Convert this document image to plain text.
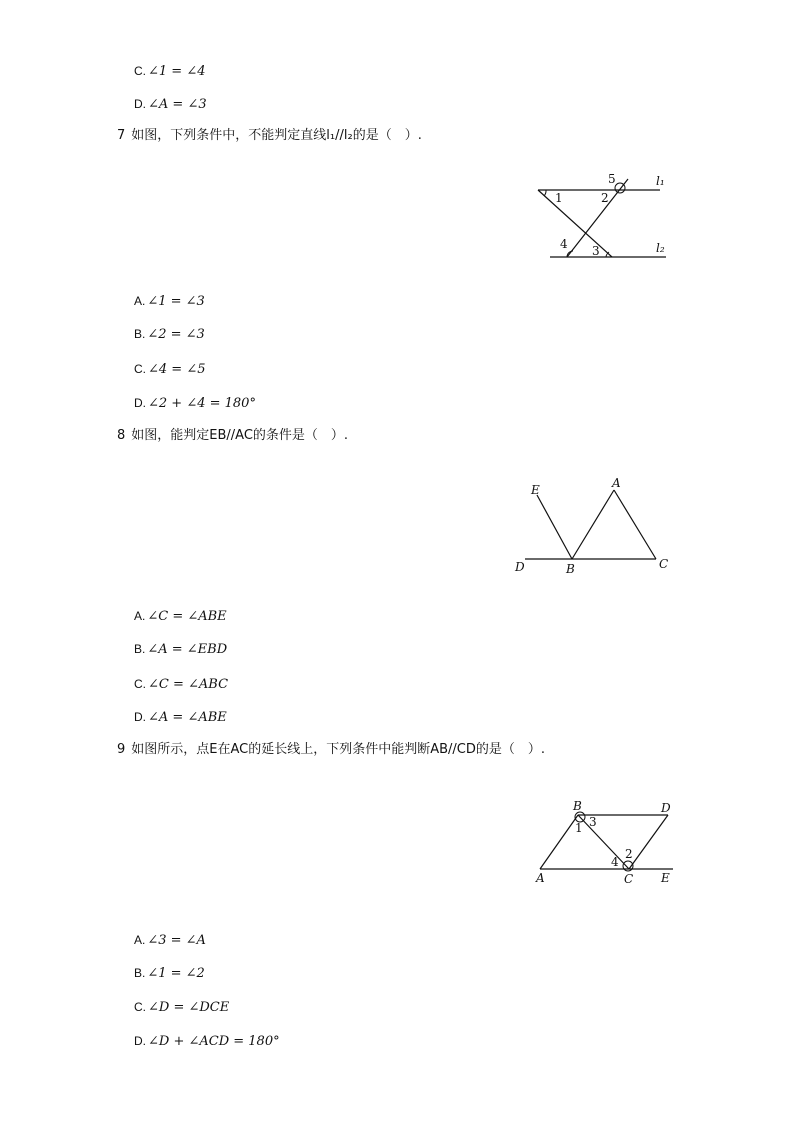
C. ∠1 = ∠4
D. ∠A = ∠3
7 如图，下列条件中，不能判定直线l₁//l₂的是（　）.
1	2
5
4 3
l₁
l₂
A. ∠1 = ∠3
B. ∠2 = ∠3
C. ∠4 = ∠5
D. ∠2 + ∠4 = 180°
8 如图，能判定EB//AC的条件是（　）.
E	A
D	B	C
A. ∠C = ∠ABE
B. ∠A = ∠EBD
C. ∠C = ∠ABC
D. ∠A = ∠ABE
9 如图所示，点E在AC的延长线上，下列条件中能判断AB//CD的是（　）.
B	D
A	C E
1 3
4
2
A. ∠3 = ∠A
B. ∠1 = ∠2
C. ∠D = ∠DCE
D. ∠D + ∠ACD = 180°
